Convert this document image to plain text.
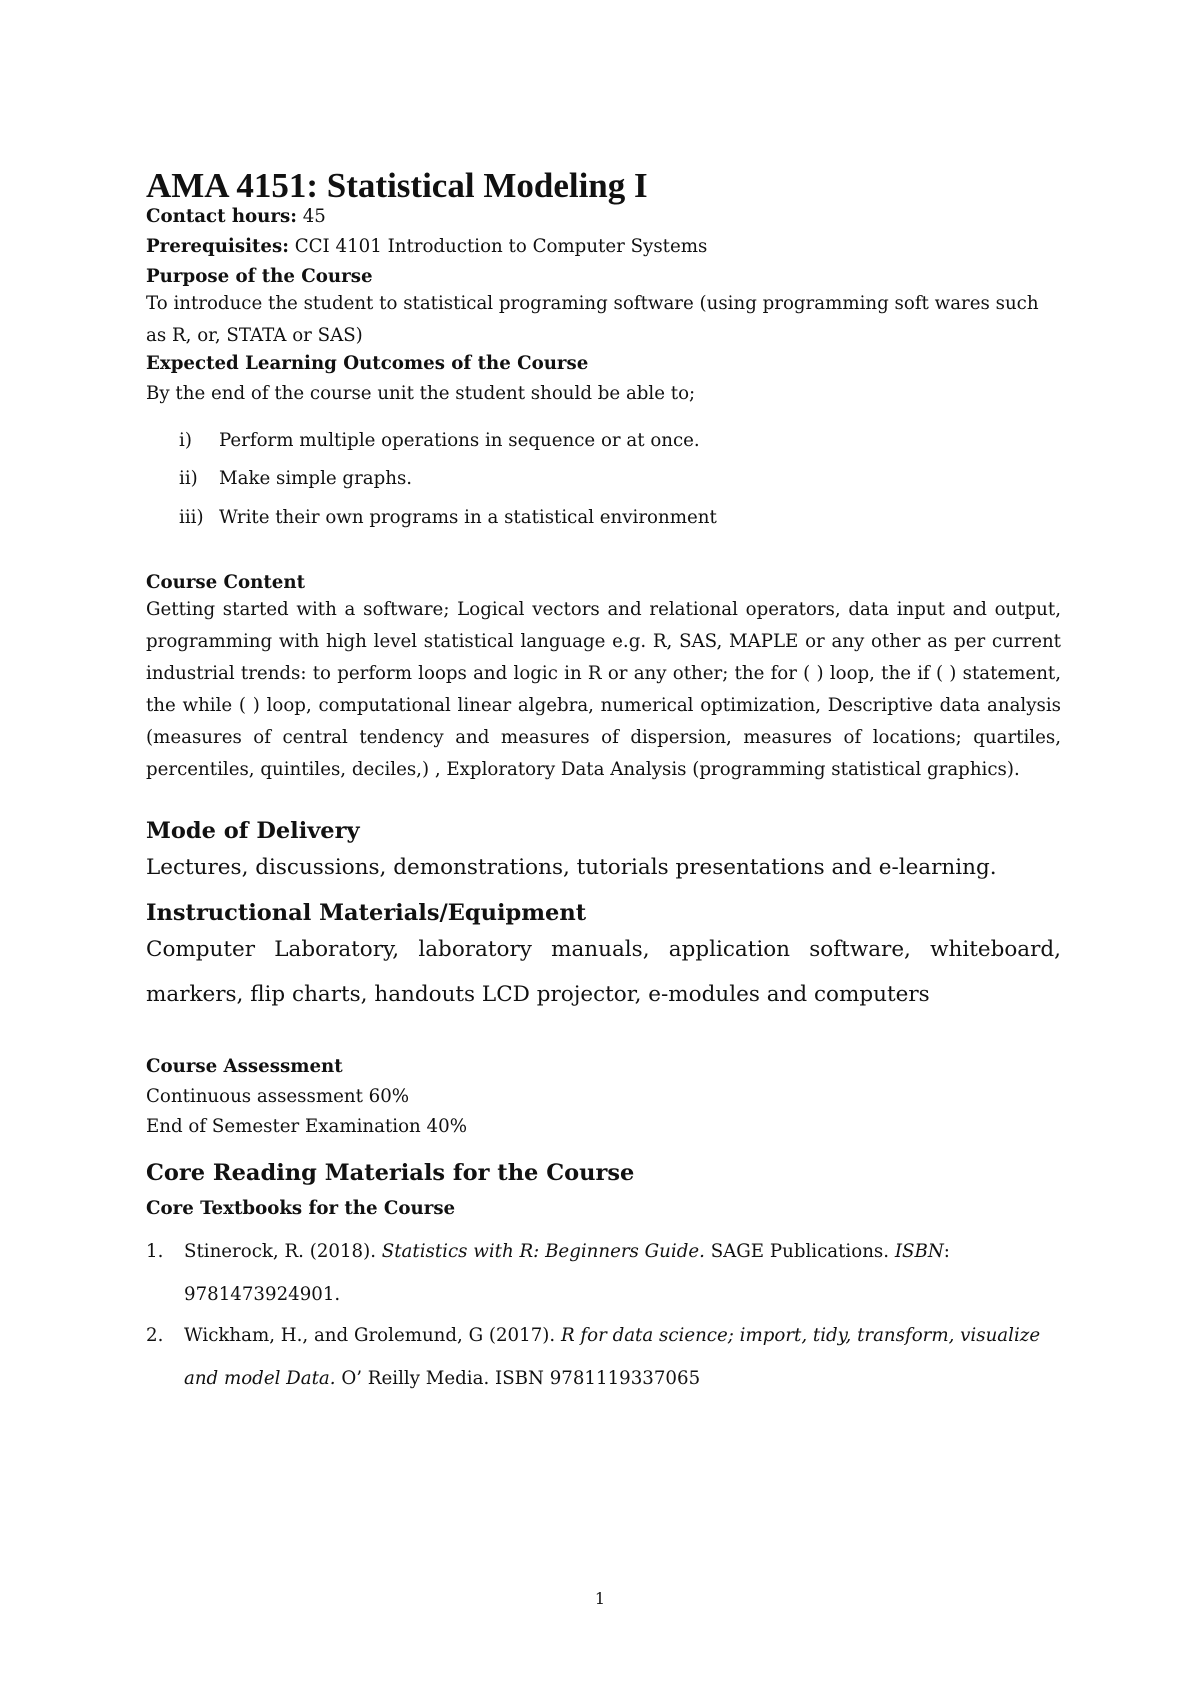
AMA 4151: Statistical Modeling I
Contact hours: 45
Prerequisites: CCI 4101 Introduction to Computer Systems
Purpose of the Course
To introduce the student to statistical programing software (using programming soft wares such as R, or, STATA or SAS)
Expected Learning Outcomes of the Course
By the end of the course unit the student should be able to;
i) Perform multiple operations in sequence or at once.
ii) Make simple graphs.
iii) Write their own programs in a statistical environment
Course Content
Getting started with a software; Logical vectors and relational operators, data input and output, programming with high level statistical language e.g. R, SAS, MAPLE or any other as per current industrial trends: to perform loops and logic in R or any other; the for ( ) loop, the if ( ) statement, the while ( ) loop, computational linear algebra, numerical optimization, Descriptive data analysis (measures of central tendency and measures of dispersion, measures of locations; quartiles, percentiles, quintiles, deciles,) , Exploratory Data Analysis (programming statistical graphics).
Mode of Delivery
Lectures, discussions, demonstrations, tutorials presentations and e-learning.
Instructional Materials/Equipment
Computer Laboratory, laboratory manuals, application software, whiteboard, markers, flip charts, handouts LCD projector, e-modules and computers
Course Assessment
Continuous assessment 60%
End of Semester Examination 40%
Core Reading Materials for the Course
Core Textbooks for the Course
1. Stinerock, R. (2018). Statistics with R: Beginners Guide. SAGE Publications. ISBN: 9781473924901.
2. Wickham, H., and Grolemund, G (2017). R for data science; import, tidy, transform, visualize and model Data. O’ Reilly Media. ISBN 9781119337065
1
